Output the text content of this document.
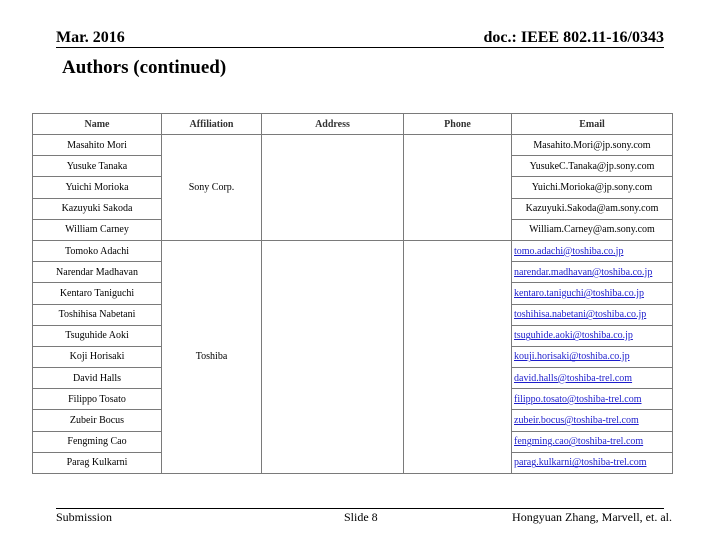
Mar. 2016	doc.: IEEE 802.11-16/0343
Authors (continued)
Name	Affiliation	Address	Phone	Email
Masahito Mori	Sony Corp.			Masahito.Mori@jp.sony.com
Yusuke Tanaka				YusukeC.Tanaka@jp.sony.com
Yuichi Morioka				Yuichi.Morioka@jp.sony.com
Kazuyuki Sakoda				Kazuyuki.Sakoda@am.sony.com
William Carney				William.Carney@am.sony.com
Tomoko Adachi	Toshiba			tomo.adachi@toshiba.co.jp
Narendar Madhavan				narendar.madhavan@toshiba.co.jp
Kentaro Taniguchi				kentaro.taniguchi@toshiba.co.jp
Toshihisa Nabetani				toshihisa.nabetani@toshiba.co.jp
Tsuguhide Aoki				tsuguhide.aoki@toshiba.co.jp
Koji Horisaki				kouji.horisaki@toshiba.co.jp
David Halls				david.halls@toshiba-trel.com
Filippo Tosato				filippo.tosato@toshiba-trel.com
Zubeir Bocus				zubeir.bocus@toshiba-trel.com
Fengming Cao				fengming.cao@toshiba-trel.com
Parag Kulkarni				parag.kulkarni@toshiba-trel.com
Submission	Slide 8	Hongyuan Zhang, Marvell, et. al.
